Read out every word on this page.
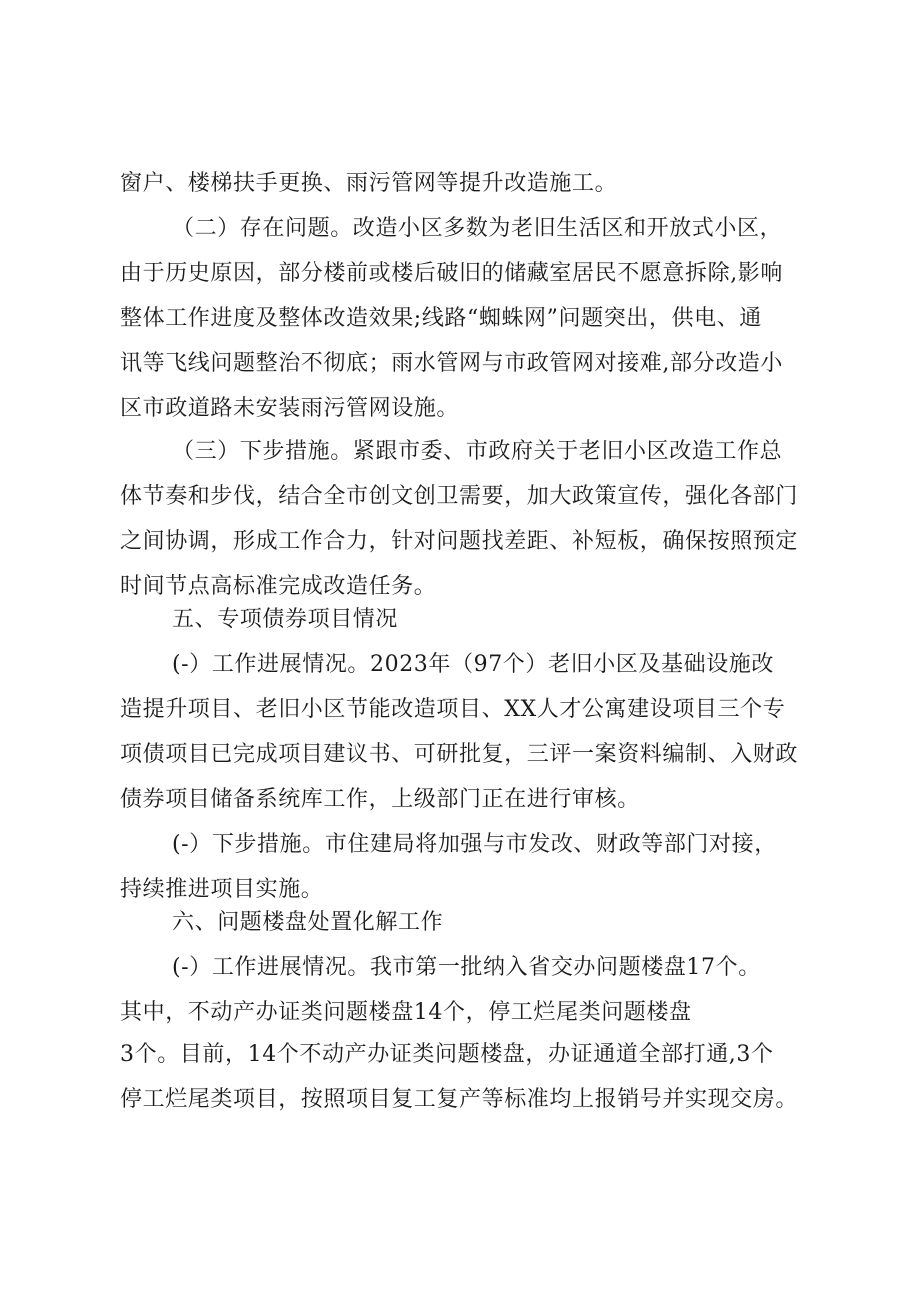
窗户、楼梯扶手更换、雨污管网等提升改造施工。
（二）存在问题。改造小区多数为老旧生活区和开放式小区，
由于历史原因，部分楼前或楼后破旧的储藏室居民不愿意拆除,影响
整体工作进度及整体改造效果;线路“蜘蛛网”问题突出，供电、通
讯等飞线问题整治不彻底；雨水管网与市政管网对接难,部分改造小
区市政道路未安装雨污管网设施。
（三）下步措施。紧跟市委、市政府关于老旧小区改造工作总
体节奏和步伐，结合全市创文创卫需要，加大政策宣传，强化各部门
之间协调，形成工作合力，针对问题找差距、补短板，确保按照预定
时间节点高标准完成改造任务。
五、专项债券项目情况
(-）工作进展情况。2023年（97个）老旧小区及基础设施改
造提升项目、老旧小区节能改造项目、XX人才公寓建设项目三个专
项债项目已完成项目建议书、可研批复，三评一案资料编制、入财政
债券项目储备系统库工作，上级部门正在进行审核。
(-）下步措施。市住建局将加强与市发改、财政等部门对接，
持续推进项目实施。
六、问题楼盘处置化解工作
(-）工作进展情况。我市第一批纳入省交办问题楼盘17个。
其中，不动产办证类问题楼盘14个，停工烂尾类问题楼盘
3个。目前，14个不动产办证类问题楼盘，办证通道全部打通,3个
停工烂尾类项目，按照项目复工复产等标准均上报销号并实现交房。
